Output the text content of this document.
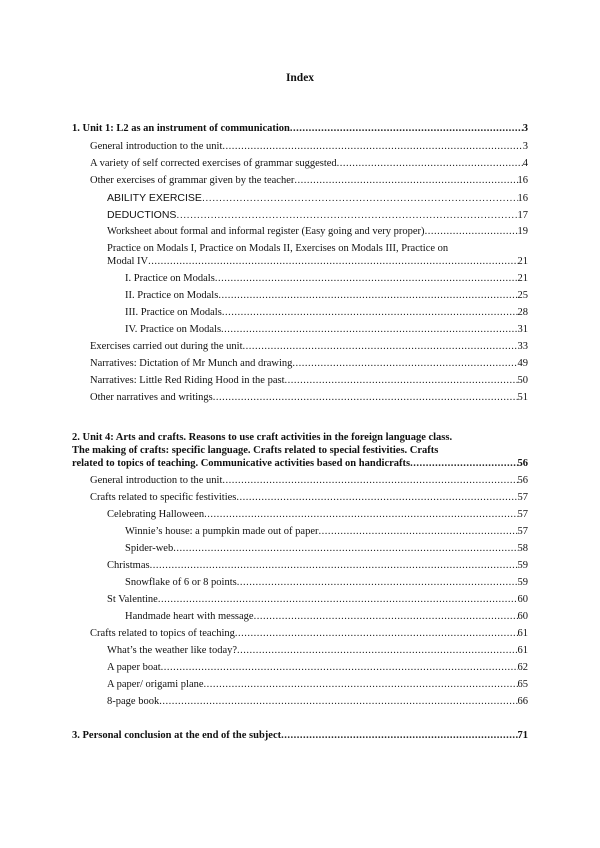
Index
1. Unit 1: L2 as an instrument of communication .....	3
General introduction to the unit .....	3
A variety of self corrected exercises of grammar suggested .....	4
Other exercises of grammar given by the teacher .....	16
ABILITY EXERCISE .....	16
DEDUCTIONS .....	17
Worksheet about formal and informal register (Easy going and very proper) .....	19
Practice on Modals I, Practice on Modals II, Exercises on Modals III, Practice on
Modal IV .....	21
I. Practice on Modals .....	21
II. Practice on Modals .....	25
III. Practice on Modals .....	28
IV. Practice on Modals .....	31
Exercises carried out during the unit .....	33
Narratives: Dictation of Mr Munch and drawing .....	49
Narratives: Little Red Riding Hood in the past .....	50
Other narratives and writings .....	51
2. Unit 4: Arts and crafts. Reasons to use craft activities in the foreign language class.
The making of crafts: specific language. Crafts related to special festivities. Crafts
related to topics of teaching. Communicative activities based on handicrafts .....	56
General introduction to the unit .....	56
Crafts related to specific festivities .....	57
Celebrating Halloween .....	57
Winnie’s house: a pumpkin made out of paper .....	57
Spider-web .....	58
Christmas .....	59
Snowflake of 6 or 8 points .....	59
St Valentine .....	60
Handmade heart with message .....	60
Crafts related to topics of teaching .....	61
What’s the weather like today? .....	61
A paper boat .....	62
A paper/ origami plane .....	65
8-page book .....	66
3. Personal conclusion at the end of the subject .....	71
